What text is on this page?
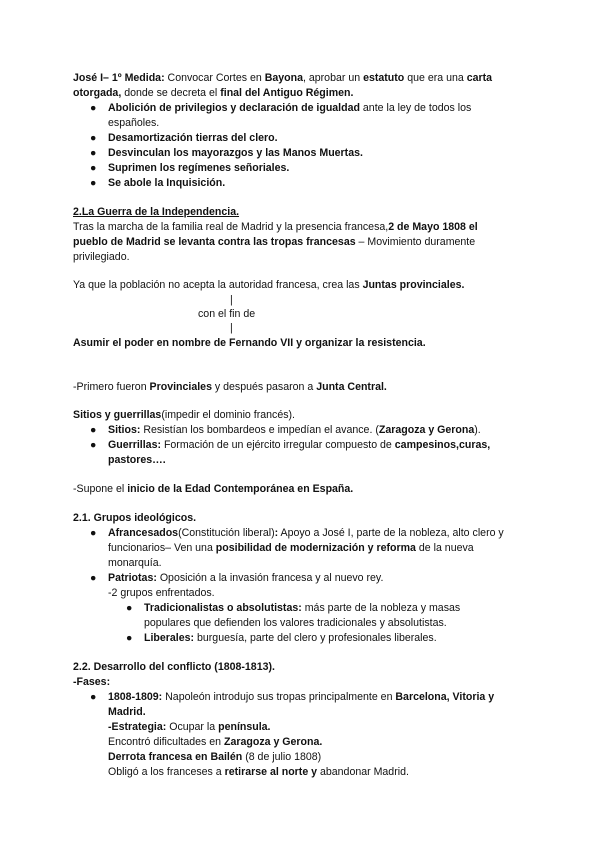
José I– 1º Medida: Convocar Cortes en Bayona, aprobar un estatuto que era una carta
otorgada, donde se decreta el final del Antiguo Régimen.
● Abolición de privilegios y declaración de igualdad ante la ley de todos los
españoles.
● Desamortización tierras del clero.
● Desvinculan los mayorazgos y las Manos Muertas.
● Suprimen los regímenes señoriales.
● Se abole la Inquisición.
2.La Guerra de la Independencia.
Tras la marcha de la familia real de Madrid y la presencia francesa,2 de Mayo 1808 el
pueblo de Madrid se levanta contra las tropas francesas – Movimiento duramente
privilegiado.
Ya que la población no acepta la autoridad francesa, crea las Juntas provinciales.
|
con el fin de
|
Asumir el poder en nombre de Fernando VII y organizar la resistencia.
-Primero fueron Provinciales y después pasaron a Junta Central.
Sitios y guerrillas(impedir el dominio francés).
● Sitios: Resistían los bombardeos e impedían el avance. (Zaragoza y Gerona).
● Guerrillas: Formación de un ejército irregular compuesto de campesinos,curas,
pastores….
-Supone el inicio de la Edad Contemporánea en España.
2.1. Grupos ideológicos.
● Afrancesados(Constitución liberal): Apoyo a José I, parte de la nobleza, alto clero y
funcionarios– Ven una posibilidad de modernización y reforma de la nueva
monarquía.
● Patriotas: Oposición a la invasión francesa y al nuevo rey.
-2 grupos enfrentados.
● Tradicionalistas o absolutistas: más parte de la nobleza y masas
populares que defienden los valores tradicionales y absolutistas.
● Liberales: burguesía, parte del clero y profesionales liberales.
2.2. Desarrollo del conflicto (1808-1813).
-Fases:
● 1808-1809: Napoleón introdujo sus tropas principalmente en Barcelona, Vitoria y
Madrid.
-Estrategia: Ocupar la península.
Encontró dificultades en Zaragoza y Gerona.
Derrota francesa en Bailén (8 de julio 1808)
Obligó a los franceses a retirarse al norte y abandonar Madrid.
